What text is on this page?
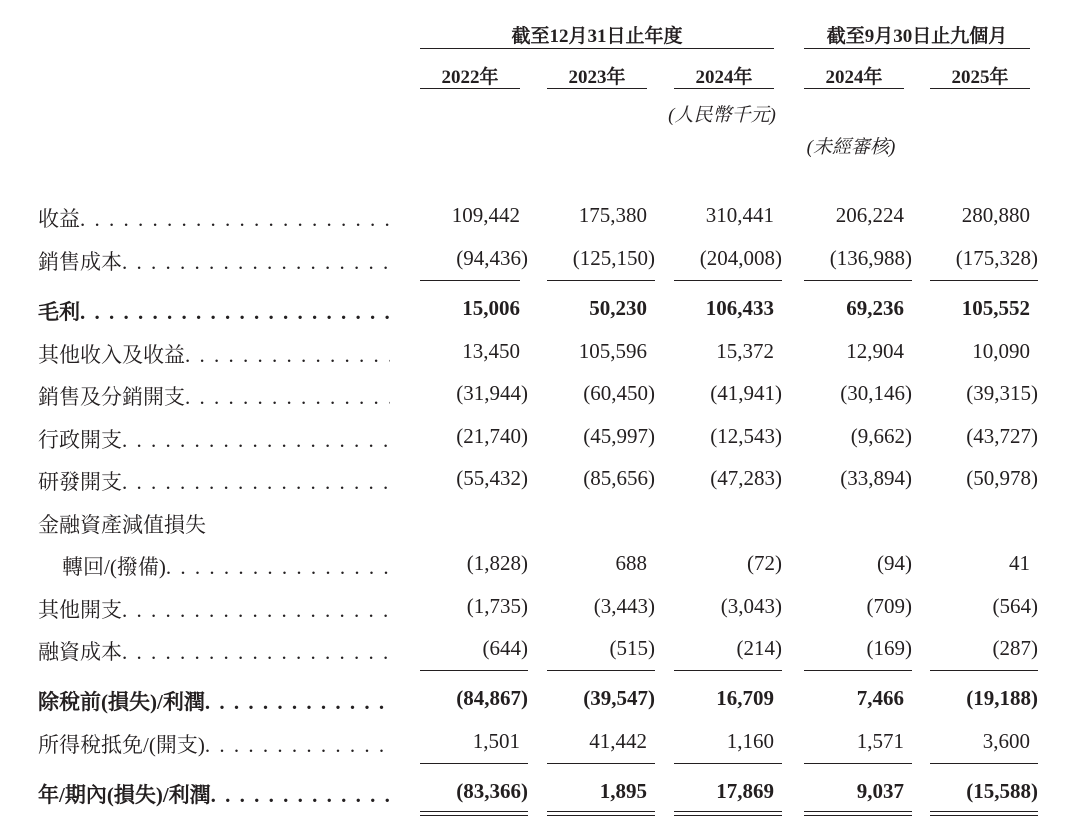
截至12月31日止年度	截至9月30日止九個月
2022年	2023年	2024年	2024年	2025年
(人民幣千元)
(未經審核)
收益 . . .	109,442	175,380	310,441	206,224	280,880
銷售成本 . . .	(94,436)	(125,150)	(204,008)	(136,988)	(175,328)
毛利 . . .	15,006	50,230	106,433	69,236	105,552
其他收入及收益 . . .	13,450	105,596	15,372	12,904	10,090
銷售及分銷開支 . . .	(31,944)	(60,450)	(41,941)	(30,146)	(39,315)
行政開支 . . .	(21,740)	(45,997)	(12,543)	(9,662)	(43,727)
研發開支 . . .	(55,432)	(85,656)	(47,283)	(33,894)	(50,978)
金融資產減值損失
轉回/(撥備) . . .	(1,828)	688	(72)	(94)	41
其他開支 . . .	(1,735)	(3,443)	(3,043)	(709)	(564)
融資成本 . . .	(644)	(515)	(214)	(169)	(287)
除稅前(損失)/利潤 . . .	(84,867)	(39,547)	16,709	7,466	(19,188)
所得稅抵免/(開支) . . .	1,501	41,442	1,160	1,571	3,600
年/期內(損失)/利潤 . . .	(83,366)	1,895	17,869	9,037	(15,588)
